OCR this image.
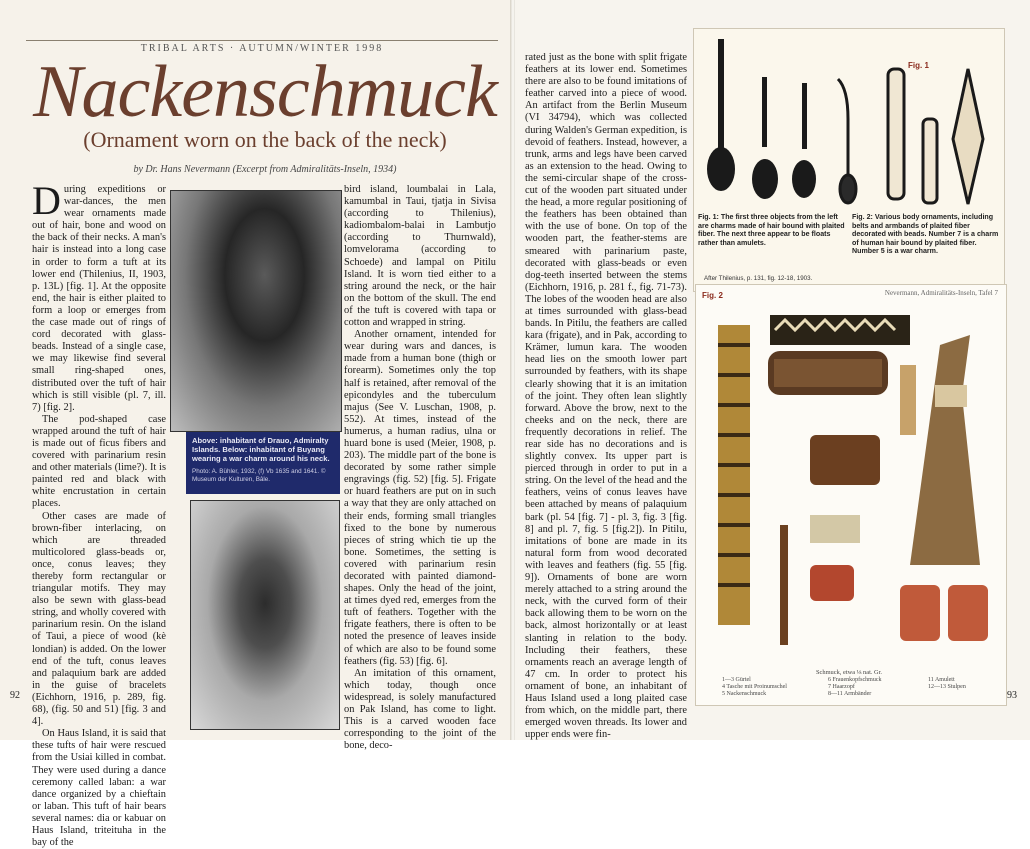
TRIBAL ARTS · AUTUMN/WINTER 1998
Nackenschmuck
(Ornament worn on the back of the neck)
by Dr. Hans Nevermann (Excerpt from Admiralitäts-Inseln, 1934)

During expeditions or war-dances, the men wear ornaments made out of hair, bone and wood on the back of their necks. A man's hair is instead into a long case in order to form a tuft at its lower end (Thilenius, II, 1903, p. 13L) [fig. 1]. At the opposite end, the hair is either plaited to form a loop or emerges from the case made out of rings of cord decorated with glass-beads. Instead of a single case, we may likewise find several small ring-shaped ones, distributed over the tuft of hair which is still visible (pl. 7, ill. 7) [fig. 2].

The pod-shaped case wrapped around the tuft of hair is made out of ficus fibers and covered with parinarium resin and other materials (lime?). It is painted red and black with white encrustation in certain places.

Other cases are made of brown-fiber interlacing, on which are threaded multicolored glass-beads or, once, conus leaves; they thereby form rectangular or triangular motifs. They may also be sewn with glass-bead string, and wholly covered with parinarium resin. On the island of Taui, a piece of wood (kè londian) is added. On the lower end of the tuft, conus leaves and palaquium bark are added in the guise of bracelets (Eichhorn, 1916, p. 289, fig. 68), (fig. 50 and 51) [fig. 3 and 4].

On Haus Island, it is said that these tufts of hair were rescued from the Usiai killed in combat. They were used during a dance ceremony called laban: a war dance organized by a chieftain or laban. This tuft of hair bears several names: dia or kabuar on Haus Island, triteituha in the bay of the

Above: inhabitant of Drauo, Admiralty Islands. Below: inhabitant of Buyang wearing a war charm around his neck.
Photo: A. Bühler, 1932, (f) Vb 1635 and 1641. © Museum der Kulturen, Bâle.

bird island, loumbalai in Lala, kamumbal in Taui, tjatja in Sivisa (according to Thilenius), kadiombalom-balai in Lambutjo (according to Thurnwald), lomvelorama (according to Schoede) and lampal on Pitilu Island. It is worn tied either to a string around the neck, or the hair on the bottom of the skull. The end of the tuft is covered with tapa or cotton and wrapped in string.

Another ornament, intended for wear during wars and dances, is made from a human bone (thigh or forearm). Sometimes only the top half is retained, after removal of the epicondyles and the tuberculum majus (See V. Luschan, 1908, p. 552). At times, instead of the humerus, a human radius, ulna or huard bone is used (Meier, 1908, p. 203). The middle part of the bone is decorated by some rather simple engravings (fig. 52) [fig. 5]. Frigate or huard feathers are put on in such a way that they are only attached on their ends, forming small triangles fixed to the bone by numerous pieces of string which tie up the bone. Sometimes, the setting is covered with parinarium resin decorated with painted diamond-shapes. Only the head of the joint, at times dyed red, emerges from the tuft of feathers. Together with the frigate feathers, there is often to be noted the presence of leaves inside of which are also to be found some feathers (fig. 53) [fig. 6].

An imitation of this ornament, which today, though once widespread, is solely manufactured on Pak Island, has come to light. This is a carved wooden face corresponding to the joint of the bone, deco-

92

rated just as the bone with split frigate feathers at its lower end. Sometimes there are also to be found imitations of feather carved into a piece of wood. An artifact from the Berlin Museum (VI 34794), which was collected during Walden's German expedition, is devoid of feathers. Instead, however, a trunk, arms and legs have been carved as an extension to the head. Owing to the semi-circular shape of the cross-cut of the wooden part situated under the head, a more regular positioning of the feathers has been obtained than with the use of bone. On top of the wooden part, the feather-stems are smeared with parinarium paste, decorated with glass-beads or even dog-teeth inserted between the stems (Eichhorn, 1916, p. 281 f., fig. 71-73). The lobes of the wooden head are also at times surrounded with glass-bead bands. In Pitilu, the feathers are called kara (frigate), and in Pak, according to Krämer, lumun kara. The wooden head lies on the smooth lower part surrounded by feathers, with its shape clearly showing that it is an imitation of the joint. They often lean slightly forward. Above the brow, next to the cheeks and on the neck, there are frequently decorations in relief. The rear side has no decorations and is slightly convex. Its upper part is pierced through in order to put in a string. On the level of the head and the feathers, veins of conus leaves have been attached by means of palaquium bark (pl. 54 [fig. 7] - pl. 3, fig. 3 [fig. 8] and pl. 7, fig. 5 [fig.2]). In Pitilu, imitations of bone are made in its natural form from wood decorated with leaves and feathers (fig. 55 [fig. 9]). Ornaments of bone are worn merely attached to a string around the neck, with the curved form of their back allowing them to be worn on the back, almost horizontally or at least slanting in relation to the body. Including their feathers, these ornaments reach an average length of 47 cm. In order to protect his ornament of bone, an inhabitant of Haus Island used a long plaited case from which, on the middle part, there emerged woven threads. Its lower and upper ends were fin-

Fig. 1
Fig. 1: The first three objects from the left are charms made of hair bound with plaited fiber. The next three appear to be floats rather than amulets.
After Thilenius, p. 131, fig. 12-18, 1903.
Fig. 2: Various body ornaments, including belts and armbands of plaited fiber decorated with beads. Number 7 is a charm of human hair bound by plaited fiber. Number 5 is a war charm.
Fig. 2	Nevermann, Admiralitäts-Inseln, Tafel 7
Schmuck, etwa ⅛ nat. Gr.
1—3 Gürtel
4 Tasche mit Proinumschel
5 Nackenschmuck
6 Frauenkopfschmuck
7 Haarzopf
8—11 Armbänder
11 Amulett
12—13 Stulpen
93
